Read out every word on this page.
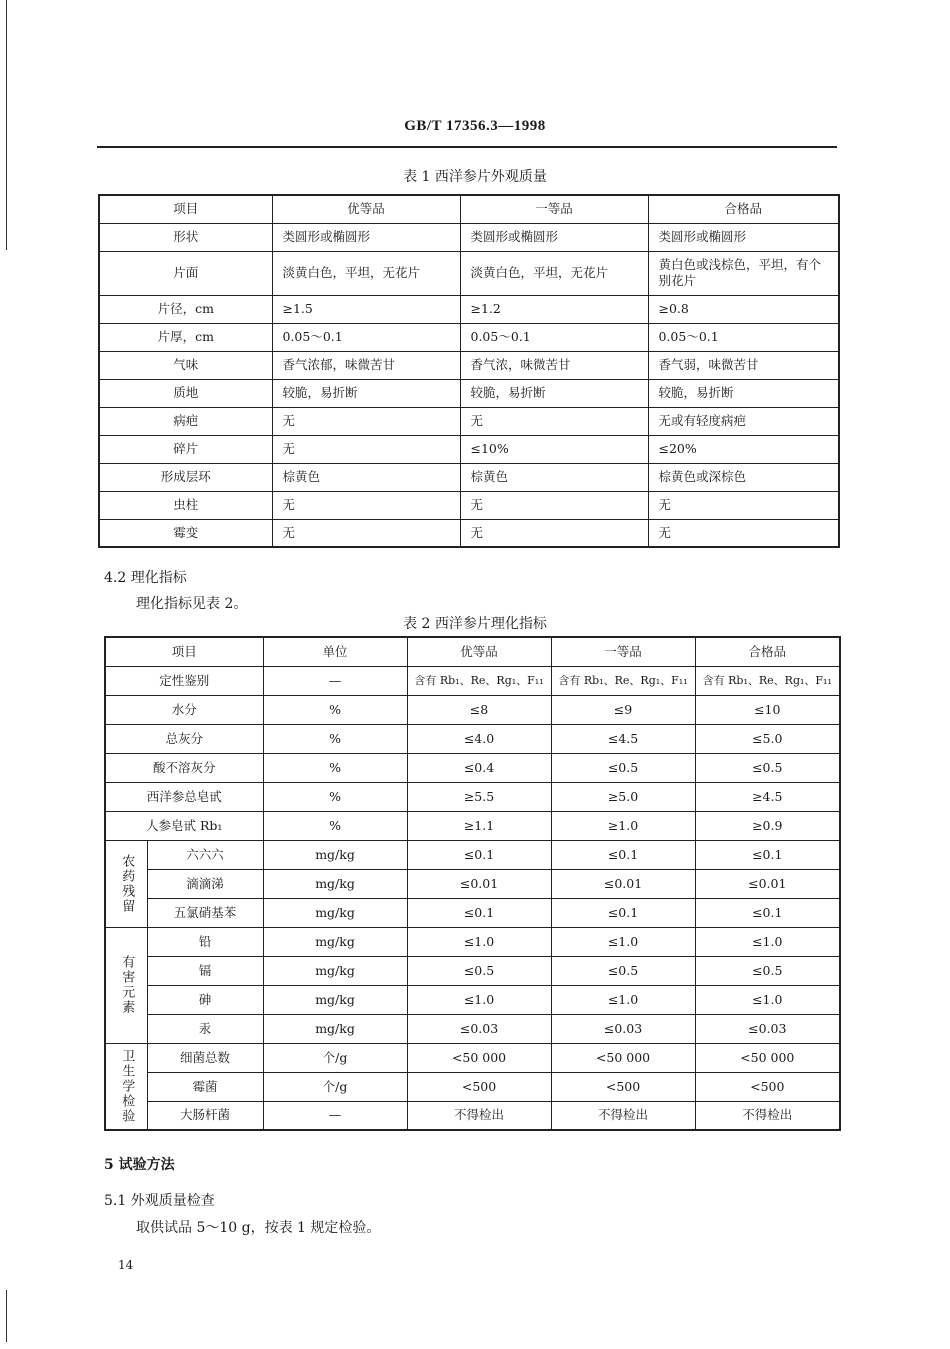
GB/T 17356.3—1998
表 1 西洋参片外观质量
项目	优等品	一等品	合格品
形状	类圆形或椭圆形	类圆形或椭圆形	类圆形或椭圆形
片面	淡黄白色，平坦，无花片	淡黄白色，平坦，无花片	黄白色或浅棕色，平坦，有个别花片
片径，cm	≥1.5	≥1.2	≥0.8
片厚，cm	0.05～0.1	0.05～0.1	0.05～0.1
气味	香气浓郁，味微苦甘	香气浓，味微苦甘	香气弱，味微苦甘
质地	较脆，易折断	较脆，易折断	较脆，易折断
病疤	无	无	无或有轻度病疤
碎片	无	≤10%	≤20%
形成层环	棕黄色	棕黄色	棕黄色或深棕色
虫柱	无	无	无
霉变	无	无	无
4.2 理化指标
理化指标见表 2。
表 2 西洋参片理化指标
项目		单位	优等品	一等品	合格品
定性鉴别		—	含有 Rb₁、Re、Rg₁、F₁₁	含有 Rb₁、Re、Rg₁、F₁₁	含有 Rb₁、Re、Rg₁、F₁₁
水分		%	≤8	≤9	≤10
总灰分		%	≤4.0	≤4.5	≤5.0
酸不溶灰分		%	≤0.4	≤0.5	≤0.5
西洋参总皂甙		%	≥5.5	≥5.0	≥4.5
人参皂甙 Rb₁		%	≥1.1	≥1.0	≥0.9
农药残留	六六六	mg/kg	≤0.1	≤0.1	≤0.1
	滴滴涕	mg/kg	≤0.01	≤0.01	≤0.01
	五氯硝基苯	mg/kg	≤0.1	≤0.1	≤0.1
有害元素	铅	mg/kg	≤1.0	≤1.0	≤1.0
	镉	mg/kg	≤0.5	≤0.5	≤0.5
	砷	mg/kg	≤1.0	≤1.0	≤1.0
	汞	mg/kg	≤0.03	≤0.03	≤0.03
卫生学检验	细菌总数	个/g	<50 000	<50 000	<50 000
	霉菌	个/g	<500	<500	<500
	大肠杆菌	—	不得检出	不得检出	不得检出
5 试验方法
5.1 外观质量检查
取供试品 5～10 g，按表 1 规定检验。
14
